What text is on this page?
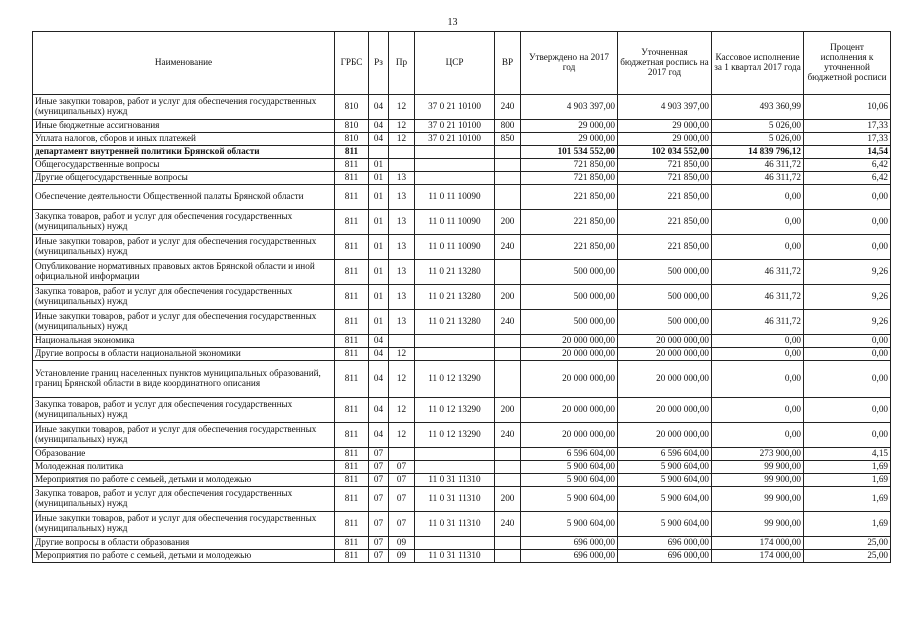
13
Наименование	ГРБС	Рз	Пр	ЦСР	ВР	Утверждено на 2017 год	Уточненная бюджетная роспись на 2017 год	Кассовое исполнение за 1 квартал 2017 года	Процент исполнения к уточненной бюджетной росписи
Иные закупки товаров, работ и услуг для обеспечения государственных (муниципальных) нужд	810	04	12	37 0 21 10100	240	4 903 397,00	4 903 397,00	493 360,99	10,06
Иные бюджетные ассигнования	810	04	12	37 0 21 10100	800	29 000,00	29 000,00	5 026,00	17,33
Уплата налогов, сборов и иных платежей	810	04	12	37 0 21 10100	850	29 000,00	29 000,00	5 026,00	17,33
департамент внутренней политики Брянской области	811					101 534 552,00	102 034 552,00	14 839 796,12	14,54
Общегосударственные вопросы	811	01				721 850,00	721 850,00	46 311,72	6,42
Другие общегосударственные вопросы	811	01	13			721 850,00	721 850,00	46 311,72	6,42
Обеспечение деятельности Общественной палаты Брянской области	811	01	13	11 0 11 10090		221 850,00	221 850,00	0,00	0,00
Закупка товаров, работ и услуг для обеспечения государственных (муниципальных) нужд	811	01	13	11 0 11 10090	200	221 850,00	221 850,00	0,00	0,00
Иные закупки товаров, работ и услуг для обеспечения государственных (муниципальных) нужд	811	01	13	11 0 11 10090	240	221 850,00	221 850,00	0,00	0,00
Опубликование нормативных правовых актов Брянской области и иной официальной информации	811	01	13	11 0 21 13280		500 000,00	500 000,00	46 311,72	9,26
Закупка товаров, работ и услуг для обеспечения государственных (муниципальных) нужд	811	01	13	11 0 21 13280	200	500 000,00	500 000,00	46 311,72	9,26
Иные закупки товаров, работ и услуг для обеспечения государственных (муниципальных) нужд	811	01	13	11 0 21 13280	240	500 000,00	500 000,00	46 311,72	9,26
Национальная экономика	811	04				20 000 000,00	20 000 000,00	0,00	0,00
Другие вопросы в области национальной экономики	811	04	12			20 000 000,00	20 000 000,00	0,00	0,00
Установление границ населенных пунктов муниципальных образований, границ Брянской области в виде координатного описания	811	04	12	11 0 12 13290		20 000 000,00	20 000 000,00	0,00	0,00
Закупка товаров, работ и услуг для обеспечения государственных (муниципальных) нужд	811	04	12	11 0 12 13290	200	20 000 000,00	20 000 000,00	0,00	0,00
Иные закупки товаров, работ и услуг для обеспечения государственных (муниципальных) нужд	811	04	12	11 0 12 13290	240	20 000 000,00	20 000 000,00	0,00	0,00
Образование	811	07				6 596 604,00	6 596 604,00	273 900,00	4,15
Молодежная политика	811	07	07			5 900 604,00	5 900 604,00	99 900,00	1,69
Мероприятия по работе с семьей, детьми и молодежью	811	07	07	11 0 31 11310		5 900 604,00	5 900 604,00	99 900,00	1,69
Закупка товаров, работ и услуг для обеспечения государственных (муниципальных) нужд	811	07	07	11 0 31 11310	200	5 900 604,00	5 900 604,00	99 900,00	1,69
Иные закупки товаров, работ и услуг для обеспечения государственных (муниципальных) нужд	811	07	07	11 0 31 11310	240	5 900 604,00	5 900 604,00	99 900,00	1,69
Другие вопросы в области образования	811	07	09			696 000,00	696 000,00	174 000,00	25,00
Мероприятия по работе с семьей, детьми и молодежью	811	07	09	11 0 31 11310		696 000,00	696 000,00	174 000,00	25,00
